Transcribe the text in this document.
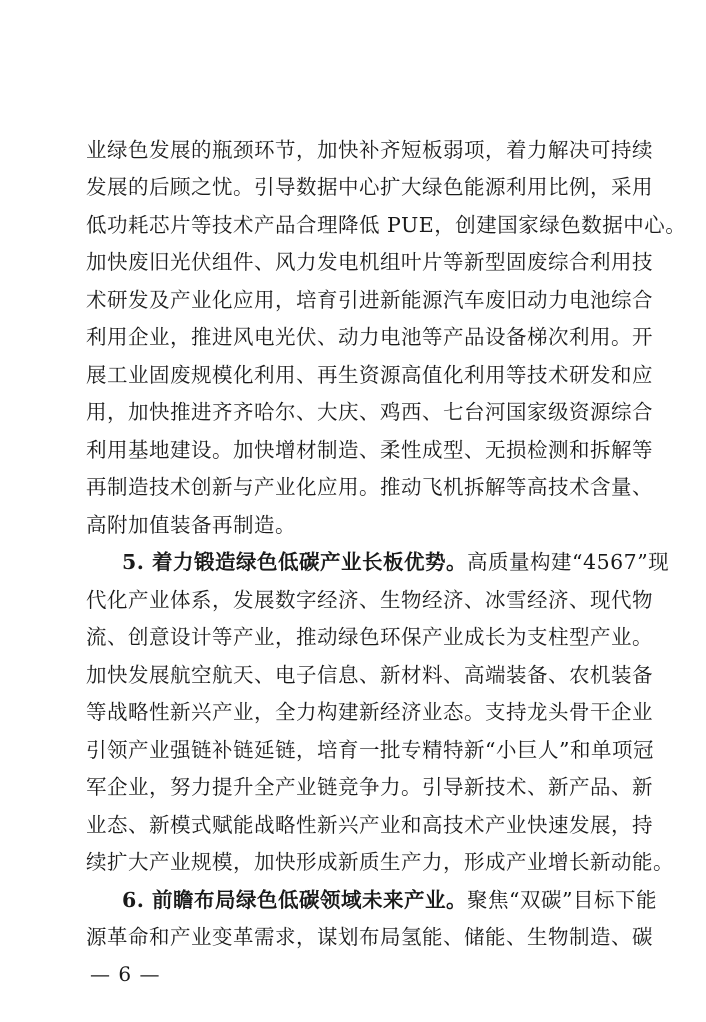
业绿色发展的瓶颈环节，加快补齐短板弱项，着力解决可持续
发展的后顾之忧。引导数据中心扩大绿色能源利用比例，采用
低功耗芯片等技术产品合理降低 PUE，创建国家绿色数据中心。
加快废旧光伏组件、风力发电机组叶片等新型固废综合利用技
术研发及产业化应用，培育引进新能源汽车废旧动力电池综合
利用企业，推进风电光伏、动力电池等产品设备梯次利用。开
展工业固废规模化利用、再生资源高值化利用等技术研发和应
用，加快推进齐齐哈尔、大庆、鸡西、七台河国家级资源综合
利用基地建设。加快增材制造、柔性成型、无损检测和拆解等
再制造技术创新与产业化应用。推动飞机拆解等高技术含量、
高附加值装备再制造。
5. 着力锻造绿色低碳产业长板优势。高质量构建“4567”现
代化产业体系，发展数字经济、生物经济、冰雪经济、现代物
流、创意设计等产业，推动绿色环保产业成长为支柱型产业。
加快发展航空航天、电子信息、新材料、高端装备、农机装备
等战略性新兴产业，全力构建新经济业态。支持龙头骨干企业
引领产业强链补链延链，培育一批专精特新“小巨人”和单项冠
军企业，努力提升全产业链竞争力。引导新技术、新产品、新
业态、新模式赋能战略性新兴产业和高技术产业快速发展，持
续扩大产业规模，加快形成新质生产力，形成产业增长新动能。
6. 前瞻布局绿色低碳领域未来产业。聚焦“双碳”目标下能
源革命和产业变革需求，谋划布局氢能、储能、生物制造、碳
— 6 —
